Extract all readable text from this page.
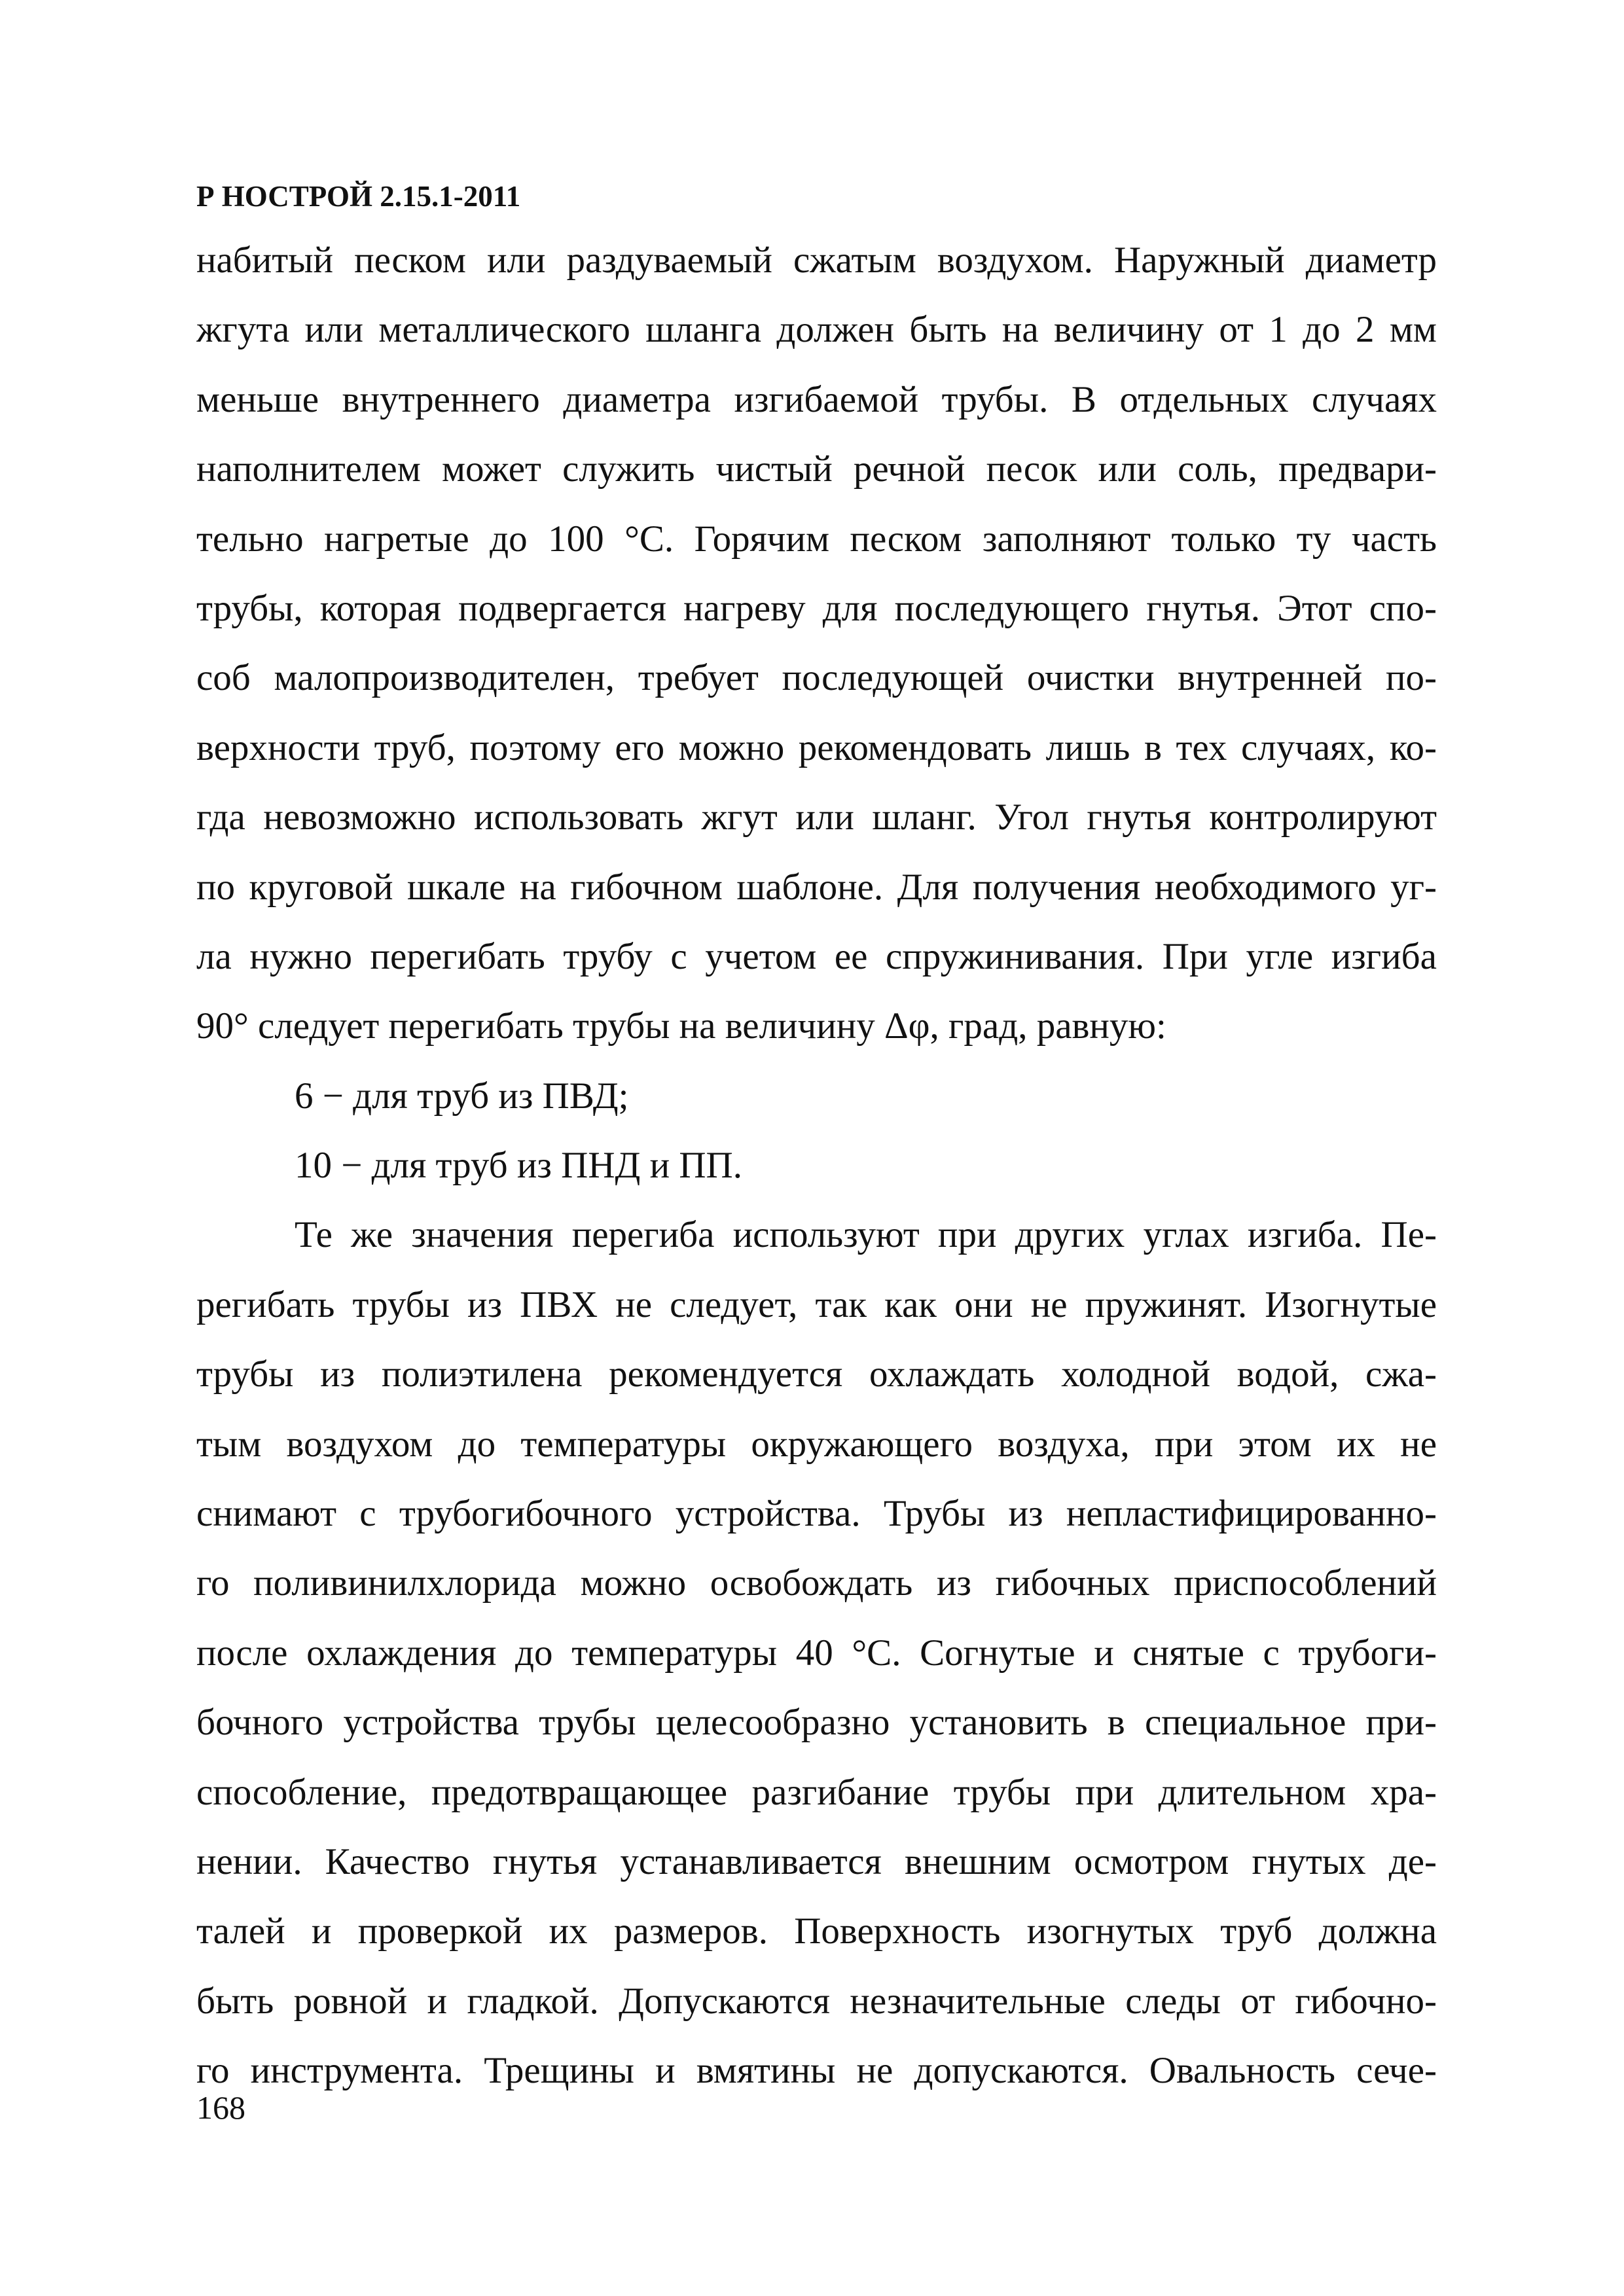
Р НОСТРОЙ 2.15.1-2011
набитый песком или раздуваемый сжатым воздухом. Наружный диаметр
жгута или металлического шланга должен быть на величину от 1 до 2 мм
меньше внутреннего диаметра изгибаемой трубы. В отдельных случаях
наполнителем может служить чистый речной песок или соль, предвари-
тельно нагретые до 100 °С. Горячим песком заполняют только ту часть
трубы, которая подвергается нагреву для последующего гнутья. Этот спо-
соб малопроизводителен, требует последующей очистки внутренней по-
верхности труб, поэтому его можно рекомендовать лишь в тех случаях, ко-
гда невозможно использовать жгут или шланг. Угол гнутья контролируют
по круговой шкале на гибочном шаблоне. Для получения необходимого уг-
ла нужно перегибать трубу с учетом ее спружинивания. При угле изгиба
90° следует перегибать трубы на величину Δφ, град, равную:
6 − для труб из ПВД;
10 − для труб из ПНД и ПП.
Те же значения перегиба используют при других углах изгиба. Пе-
регибать трубы из ПВХ не следует, так как они не пружинят. Изогнутые
трубы из полиэтилена рекомендуется охлаждать холодной водой, сжа-
тым воздухом до температуры окружающего воздуха, при этом их не
снимают с трубогибочного устройства. Трубы из непластифицированно-
го поливинилхлорида можно освобождать из гибочных приспособлений
после охлаждения до температуры 40 °С. Согнутые и снятые с трубоги-
бочного устройства трубы целесообразно установить в специальное при-
способление, предотвращающее разгибание трубы при длительном хра-
нении. Качество гнутья устанавливается внешним осмотром гнутых де-
талей и проверкой их размеров. Поверхность изогнутых труб должна
быть ровной и гладкой. Допускаются незначительные следы от гибочно-
го инструмента. Трещины и вмятины не допускаются. Овальность сече-
168
